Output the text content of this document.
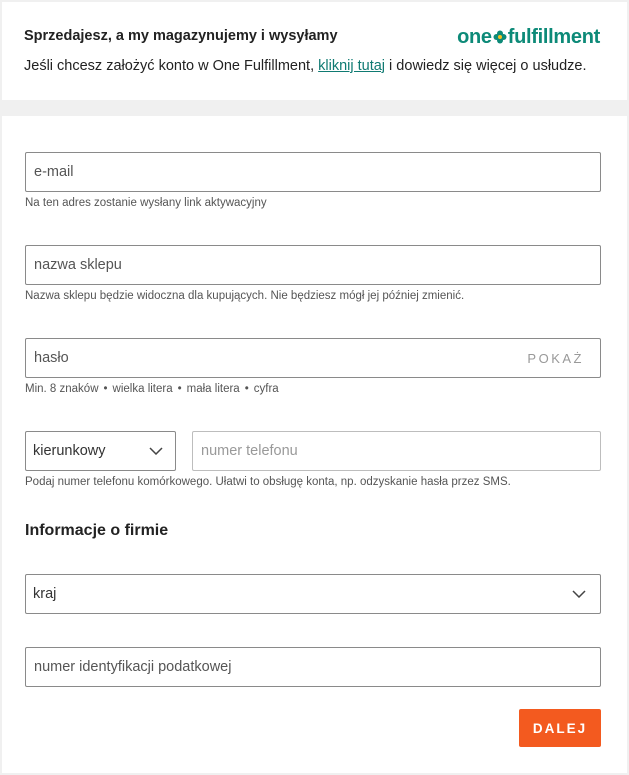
Sprzedajesz, a my magazynujemy i wysyłamy
Jeśli chcesz założyć konto w One Fulfillment, kliknij tutaj i dowiedz się więcej o usłudze.
one fulfillment
e-mail
Na ten adres zostanie wysłany link aktywacyjny
nazwa sklepu
Nazwa sklepu będzie widoczna dla kupujących. Nie będziesz mógł jej później zmienić.
POKAŻ
Min. 8 znaków • wielka litera • mała litera • cyfra
kierunkowy
numer telefonu
Podaj numer telefonu komórkowego. Ułatwi to obsługę konta, np. odzyskanie hasła przez SMS.
Informacje o firmie
kraj
numer identyfikacji podatkowej
DALEJ
